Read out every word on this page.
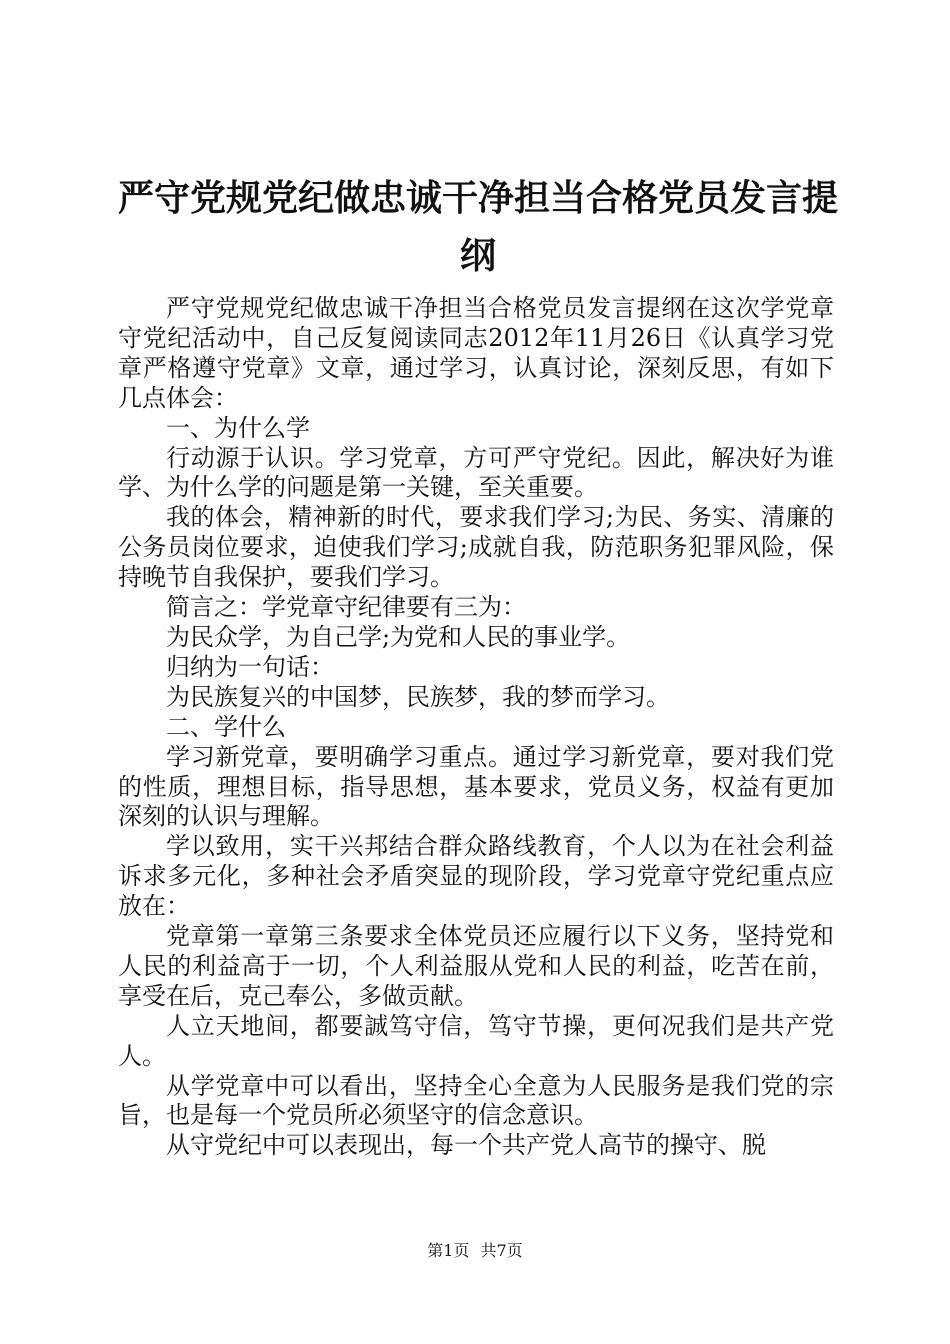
严守党规党纪做忠诚干净担当合格党员发言提纲

严守党规党纪做忠诚干净担当合格党员发言提纲在这次学党章守党纪活动中，自己反复阅读同志2012年11月26日《认真学习党章严格遵守党章》文章，通过学习，认真讨论，深刻反思，有如下几点体会：

一、为什么学

行动源于认识。学习党章，方可严守党纪。因此，解决好为谁学、为什么学的问题是第一关键，至关重要。

我的体会，精神新的时代，要求我们学习;为民、务实、清廉的公务员岗位要求，迫使我们学习;成就自我，防范职务犯罪风险，保持晚节自我保护，要我们学习。

简言之：学党章守纪律要有三为：

为民众学，为自己学;为党和人民的事业学。

归纳为一句话：

为民族复兴的中国梦，民族梦，我的梦而学习。

二、学什么

学习新党章，要明确学习重点。通过学习新党章，要对我们党的性质，理想目标，指导思想，基本要求，党员义务，权益有更加深刻的认识与理解。

学以致用，实干兴邦结合群众路线教育，个人以为在社会利益诉求多元化，多种社会矛盾突显的现阶段，学习党章守党纪重点应放在：

党章第一章第三条要求全体党员还应履行以下义务，坚持党和人民的利益高于一切，个人利益服从党和人民的利益，吃苦在前，享受在后，克己奉公，多做贡献。

人立天地间，都要誠笃守信，笃守节操，更何况我们是共产党人。

从学党章中可以看出，坚持全心全意为人民服务是我们党的宗旨，也是每一个党员所必须坚守的信念意识。

从守党纪中可以表现出，每一个共产党人高节的操守、脱

第1页 共7页
